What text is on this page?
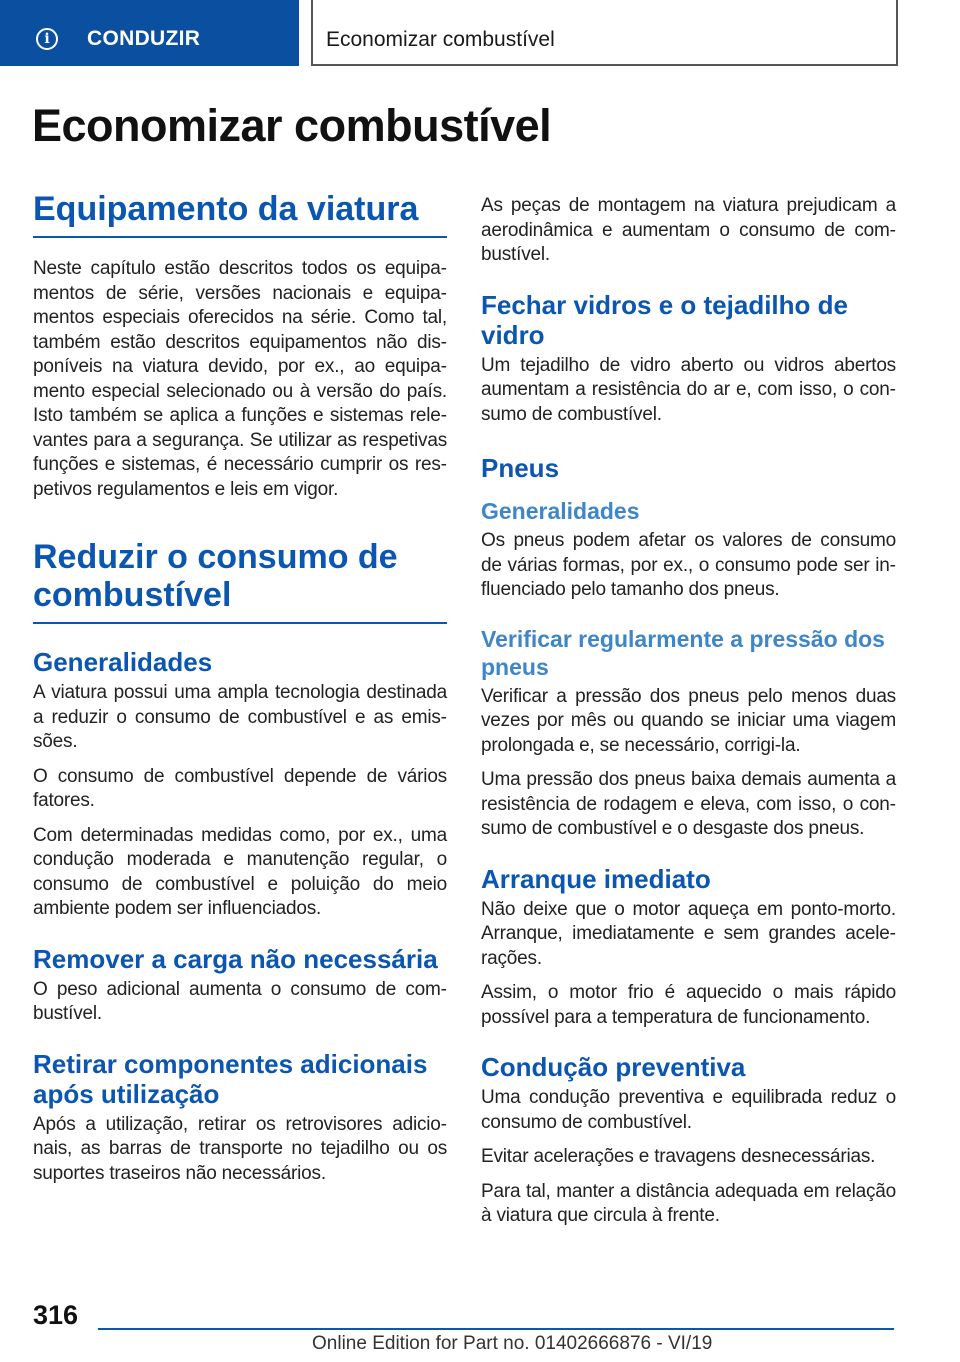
i	CONDUZIR	Economizar combustível
Economizar combustível
Equipamento da viatura

Neste capítulo estão descritos todos os equipamentos de série, versões nacionais e equipamentos especiais oferecidos na série. Como tal, também estão descritos equipamentos não disponíveis na viatura devido, por ex., ao equipamento especial selecionado ou à versão do país. Isto também se aplica a funções e sistemas relevantes para a segurança. Se utilizar as respetivas funções e sistemas, é necessário cumprir os respetivos regulamentos e leis em vigor.

Reduzir o consumo de combustível
Generalidades

A viatura possui uma ampla tecnologia destinada a reduzir o consumo de combustível e as emissões.

O consumo de combustível depende de vários fatores.

Com determinadas medidas como, por ex., uma condução moderada e manutenção regular, o consumo de combustível e poluição do meio ambiente podem ser influenciados.

Remover a carga não necessária

O peso adicional aumenta o consumo de combustível.

Retirar componentes adicionais após utilização

Após a utilização, retirar os retrovisores adicionais, as barras de transporte no tejadilho ou os suportes traseiros não necessários.

As peças de montagem na viatura prejudicam a aerodinâmica e aumentam o consumo de combustível.

Fechar vidros e o tejadilho de vidro

Um tejadilho de vidro aberto ou vidros abertos aumentam a resistência do ar e, com isso, o consumo de combustível.

Pneus
Generalidades

Os pneus podem afetar os valores de consumo de várias formas, por ex., o consumo pode ser influenciado pelo tamanho dos pneus.

Verificar regularmente a pressão dos pneus

Verificar a pressão dos pneus pelo menos duas vezes por mês ou quando se iniciar uma viagem prolongada e, se necessário, corrigi-la.

Uma pressão dos pneus baixa demais aumenta a resistência de rodagem e eleva, com isso, o consumo de combustível e o desgaste dos pneus.

Arranque imediato

Não deixe que o motor aqueça em ponto-morto. Arranque, imediatamente e sem grandes acelerações.

Assim, o motor frio é aquecido o mais rápido possível para a temperatura de funcionamento.

Condução preventiva

Uma condução preventiva e equilibrada reduz o consumo de combustível.

Evitar acelerações e travagens desnecessárias.

Para tal, manter a distância adequada em relação à viatura que circula à frente.

316
Online Edition for Part no. 01402666876 - VI/19
